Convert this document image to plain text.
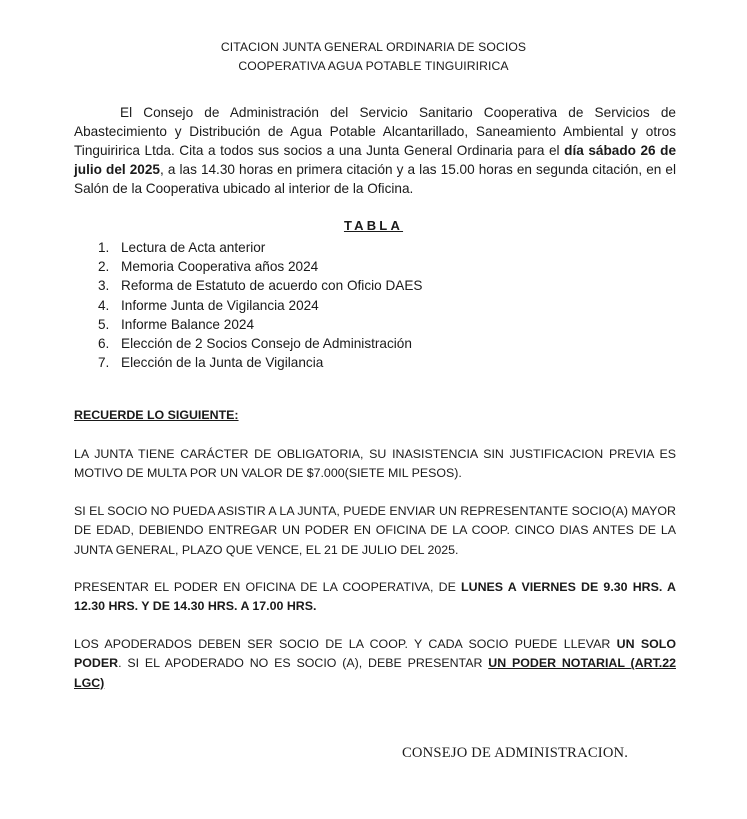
CITACION JUNTA GENERAL ORDINARIA DE SOCIOS
COOPERATIVA AGUA POTABLE TINGUIRIRICA

El Consejo de Administración del Servicio Sanitario Cooperativa de Servicios de Abastecimiento y Distribución de Agua Potable Alcantarillado, Saneamiento Ambiental y otros Tinguiririca Ltda. Cita a todos sus socios a una Junta General Ordinaria para el día sábado 26 de julio del 2025, a las 14.30 horas en primera citación y a las 15.00 horas en segunda citación, en el Salón de la Cooperativa ubicado al interior de la Oficina.

TABLA
1. Lectura de Acta anterior
2. Memoria Cooperativa años 2024
3. Reforma de Estatuto de acuerdo con Oficio DAES
4. Informe Junta de Vigilancia 2024
5. Informe Balance 2024
6. Elección de 2 Socios Consejo de Administración
7. Elección de la Junta de Vigilancia
RECUERDE LO SIGUIENTE:

LA JUNTA TIENE CARÁCTER DE OBLIGATORIA, SU INASISTENCIA SIN JUSTIFICACION PREVIA ES MOTIVO DE MULTA POR UN VALOR DE $7.000(SIETE MIL PESOS).

SI EL SOCIO NO PUEDA ASISTIR A LA JUNTA, PUEDE ENVIAR UN REPRESENTANTE SOCIO(A) MAYOR DE EDAD, DEBIENDO ENTREGAR UN PODER EN OFICINA DE LA COOP. CINCO DIAS ANTES DE LA JUNTA GENERAL, PLAZO QUE VENCE, EL 21 DE JULIO DEL 2025.

PRESENTAR EL PODER EN OFICINA DE LA COOPERATIVA, DE LUNES A VIERNES DE 9.30 HRS. A 12.30 HRS. Y DE 14.30 HRS. A 17.00 HRS.

LOS APODERADOS DEBEN SER SOCIO DE LA COOP. Y CADA SOCIO PUEDE LLEVAR UN SOLO PODER. SI EL APODERADO NO ES SOCIO (A), DEBE PRESENTAR UN PODER NOTARIAL (ART.22 LGC)

CONSEJO DE ADMINISTRACION.
